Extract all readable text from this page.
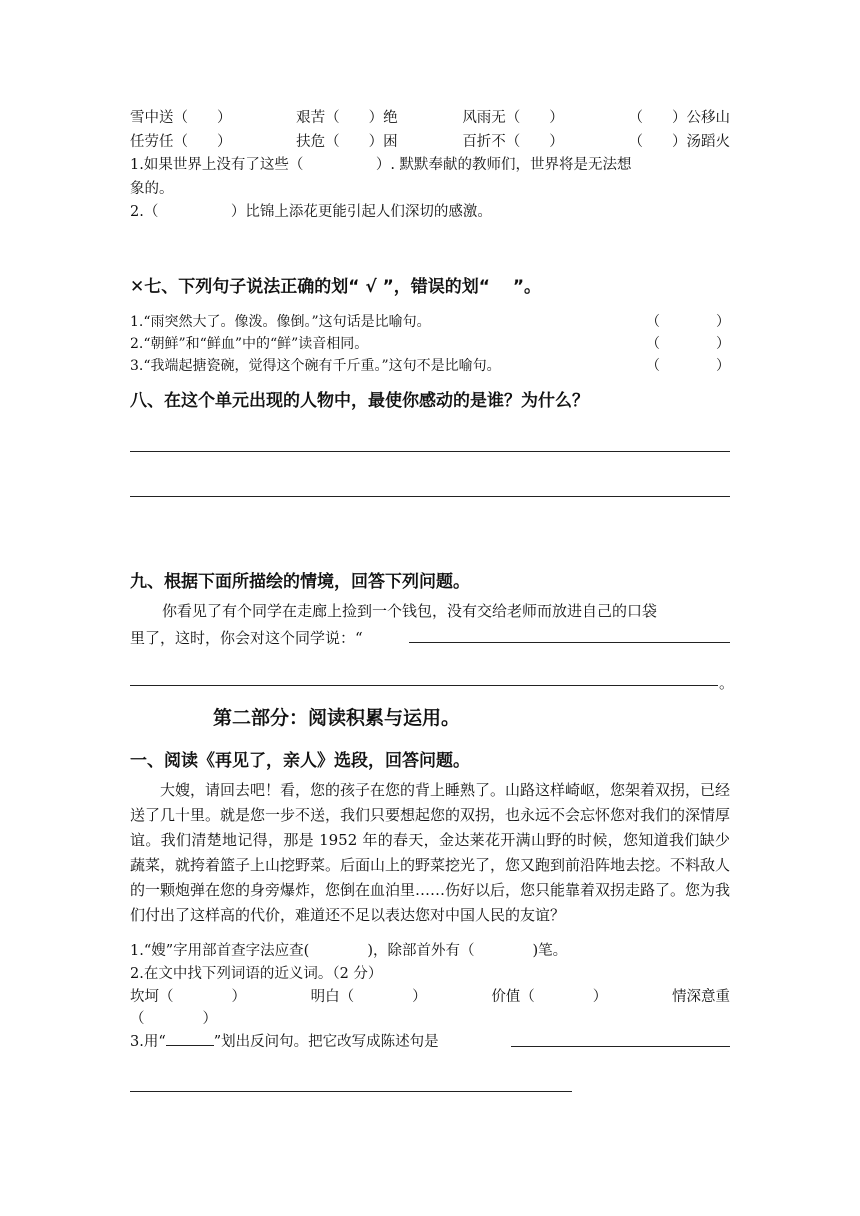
雪中送（　　）	艰苦（　　）绝	风雨无（　　）	（　　）公移山
任劳任（　　）	扶危（　　）困	百折不（　　）	（　　）汤蹈火
1.如果世界上没有了这些（　　　　　）. 默默奉献的教师们，世界将是无法想
象的。
2.（　　　　　）比锦上添花更能引起人们深切的感激。
✕七、下列句子说法正确的划“ √ ”，错误的划“　 ”。
1.“雨突然大了。像泼。像倒。”这句话是比喻句。	（　　　　）
2.“朝鲜”和“鲜血”中的“鲜”读音相同。	（　　　　）
3.“我端起搪瓷碗，觉得这个碗有千斤重。”这句不是比喻句。	（　　　　）
八、在这个单元出现的人物中，最使你感动的是谁？为什么？
九、根据下面所描绘的情境，回答下列问题。
你看见了有个同学在走廊上捡到一个钱包，没有交给老师而放进自己的口袋
里了，这时，你会对这个同学说：“
。
第二部分：阅读积累与运用。
一、阅读《再见了，亲人》选段，回答问题。
大嫂，请回去吧！看，您的孩子在您的背上睡熟了。山路这样崎岖，您架着双拐，已经送了几十里。就是您一步不送，我们只要想起您的双拐，也永远不会忘怀您对我们的深情厚谊。我们清楚地记得，那是 1952 年的春天，金达莱花开满山野的时候，您知道我们缺少蔬菜，就挎着篮子上山挖野菜。后面山上的野菜挖光了，您又跑到前沿阵地去挖。不料敌人的一颗炮弹在您的身旁爆炸，您倒在血泊里……伤好以后，您只能靠着双拐走路了。您为我们付出了这样高的代价，难道还不足以表达您对中国人民的友谊？
1.“嫂”字用部首查字法应查(　　　　)，除部首外有（　　　　)笔。
2.在文中找下列词语的近义词。（2 分）
坎坷（　　　　）	明白（　　　　）	价值（　　　　）	情深意重
（　　　　）
3.用“	”划出反问句。把它改写成陈述句是
